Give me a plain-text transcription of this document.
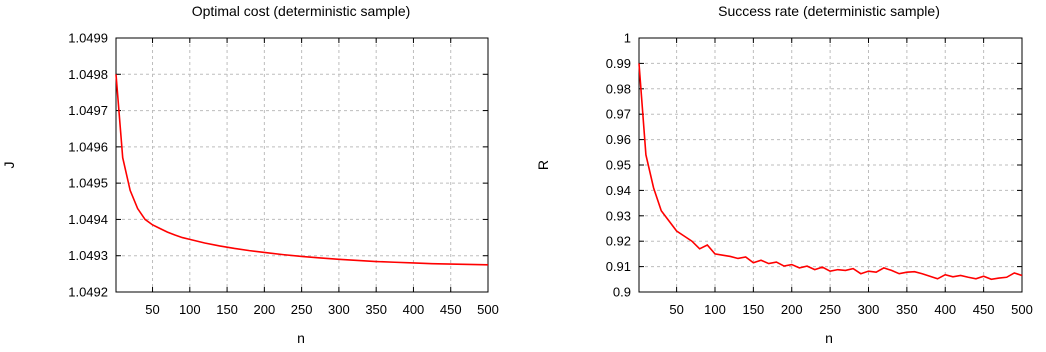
Optimal cost (deterministic sample)
n
J
1.0492
1.0493
1.0494
1.0495
1.0496
1.0497
1.0498
1.0499
50 100 150 200 250 300 350 400 450 500
Success rate (deterministic sample)
n
R
0.9
0.91
0.92
0.93
0.94
0.95
0.96
0.97
0.98
0.99
1
50 100 150 200 250 300 350 400 450 500
